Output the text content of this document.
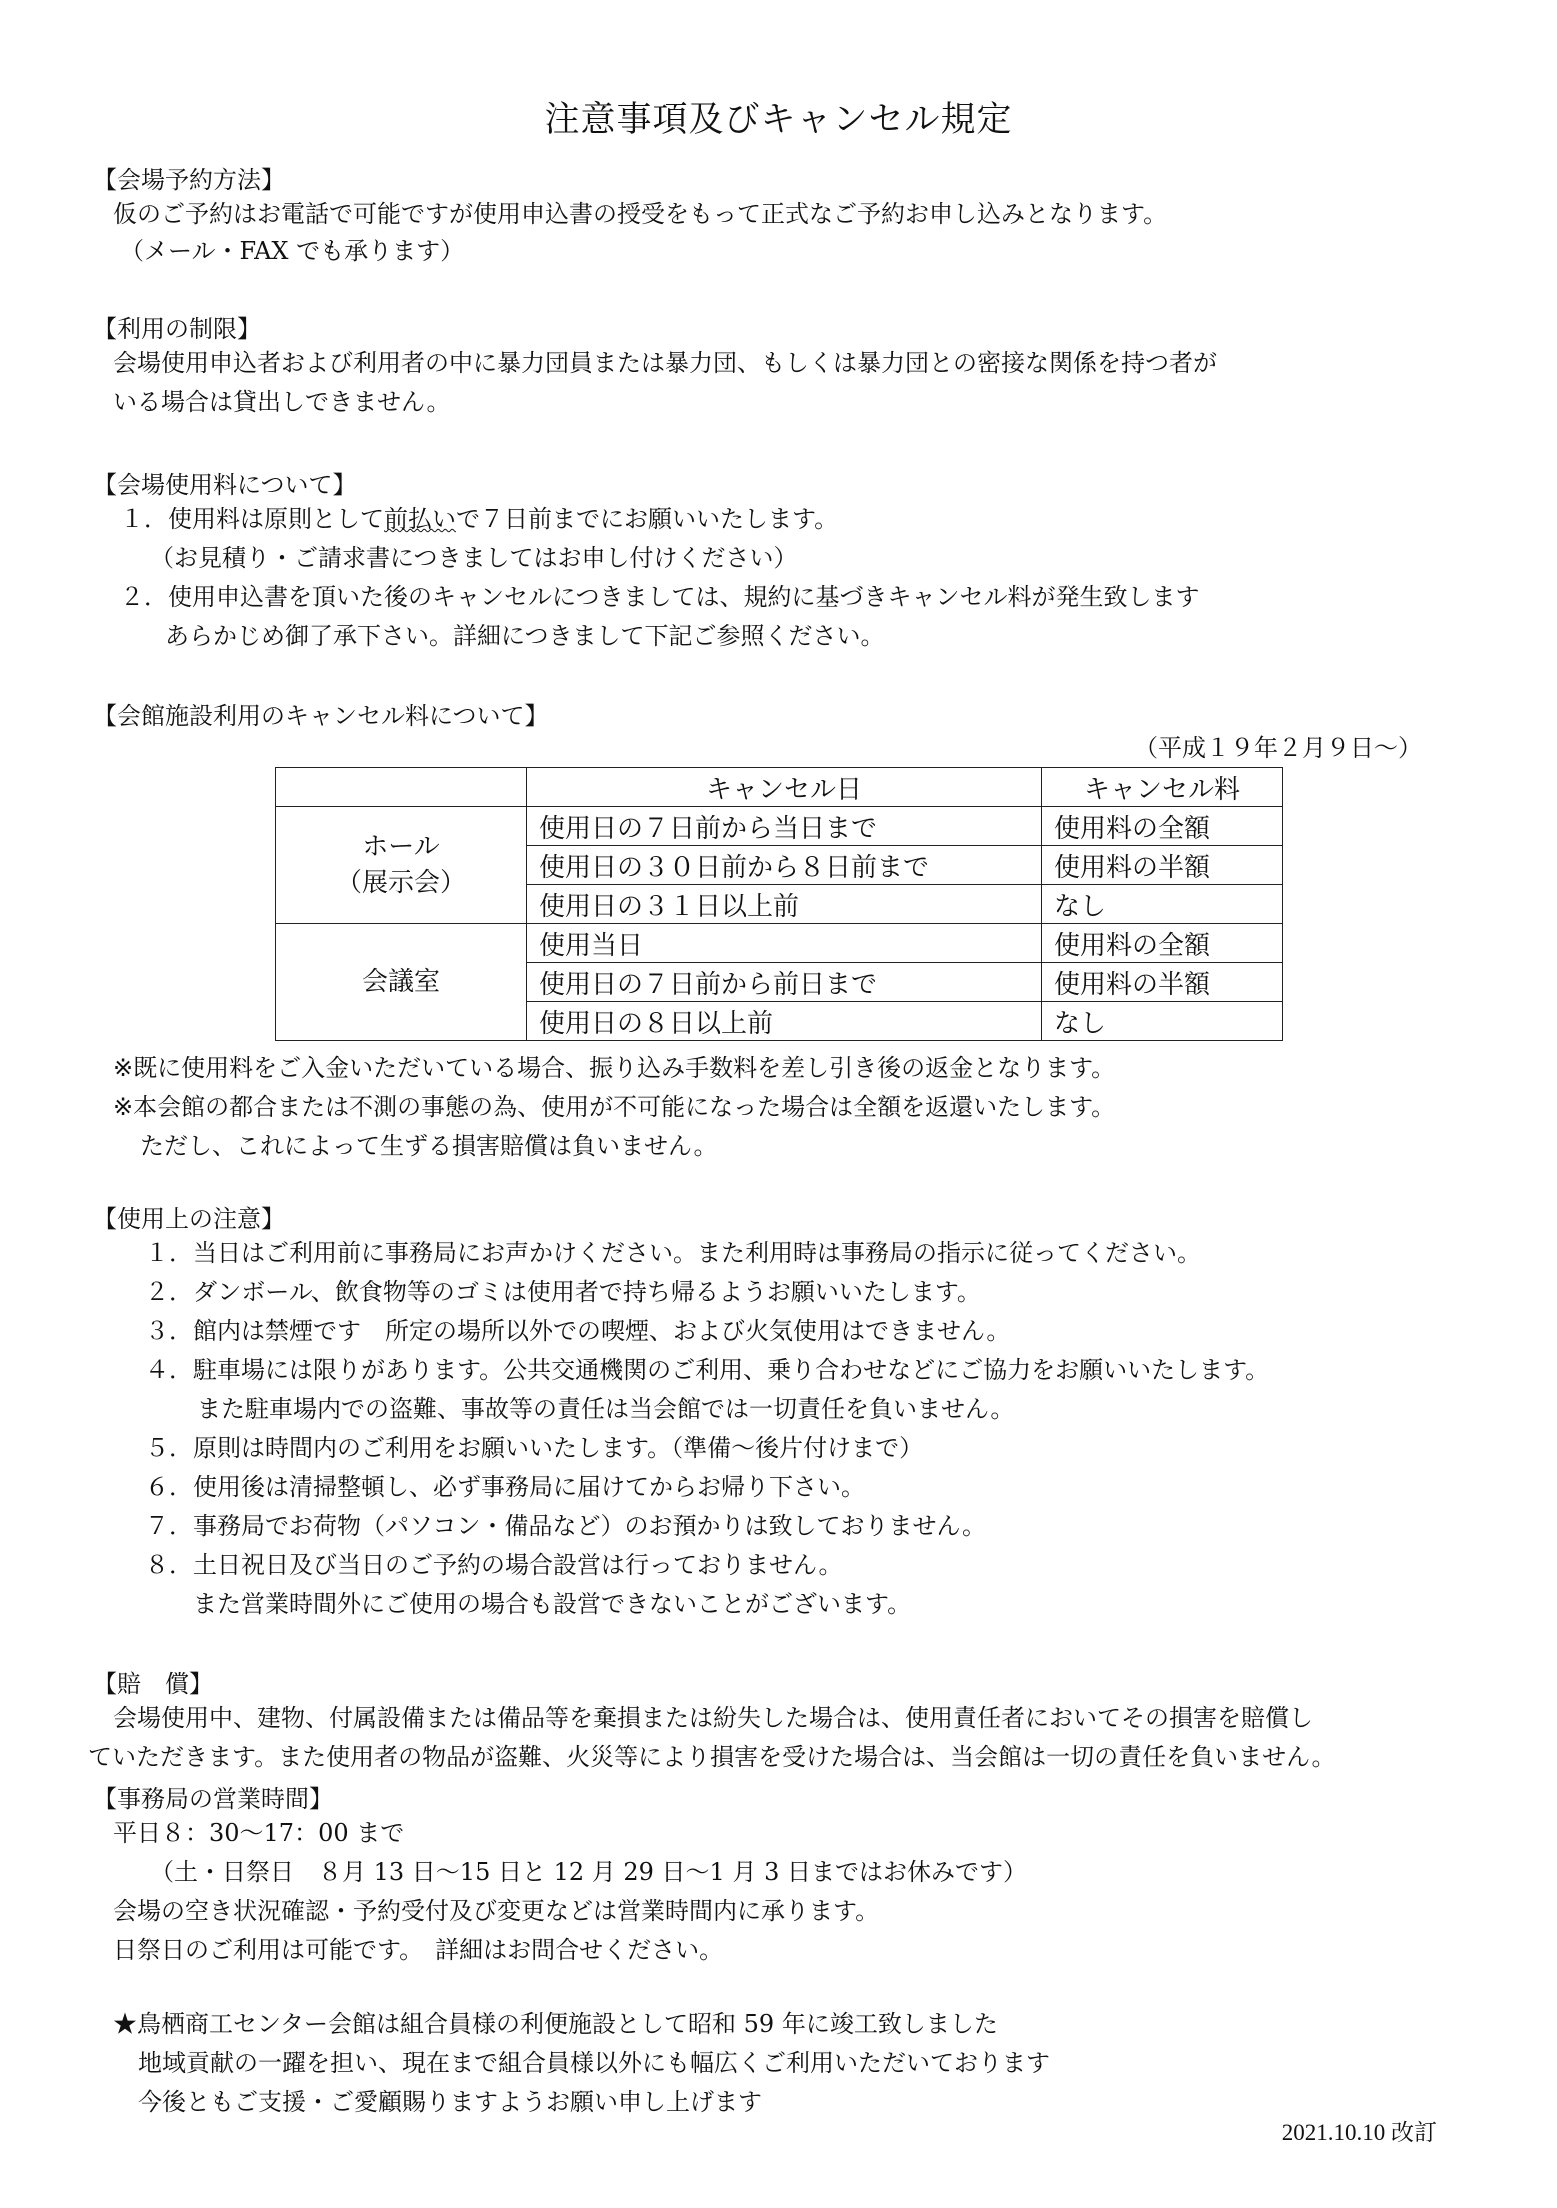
注意事項及びキャンセル規定
【会場予約方法】
仮のご予約はお電話で可能ですが使用申込書の授受をもって正式なご予約お申し込みとなります。
（メール・FAX でも承ります）
【利用の制限】
会場使用申込者および利用者の中に暴力団員または暴力団、もしくは暴力団との密接な関係を持つ者が
いる場合は貸出しできません。
【会場使用料について】
１．使用料は原則として前払いで７日前までにお願いいたします。
（お見積り・ご請求書につきましてはお申し付けください）
２．使用申込書を頂いた後のキャンセルにつきましては、規約に基づきキャンセル料が発生致します
あらかじめ御了承下さい。詳細につきまして下記ご参照ください。
【会館施設利用のキャンセル料について】
（平成１９年２月９日～）
	キャンセル日	キャンセル料

ホール
（展示会）	使用日の７日前から当日まで	使用料の全額
	使用日の３０日前から８日前まで	使用料の半額
	使用日の３１日以上前	なし

会議室	使用当日	使用料の全額
	使用日の７日前から前日まで	使用料の半額
	使用日の８日以上前	なし
※既に使用料をご入金いただいている場合、振り込み手数料を差し引き後の返金となります。
※本会館の都合または不測の事態の為、使用が不可能になった場合は全額を返還いたします。
ただし、これによって生ずる損害賠償は負いません。
【使用上の注意】
１．当日はご利用前に事務局にお声かけください。また利用時は事務局の指示に従ってください。
２．ダンボール、飲食物等のゴミは使用者で持ち帰るようお願いいたします。
３．館内は禁煙です　所定の場所以外での喫煙、および火気使用はできません。
４．駐車場には限りがあります。公共交通機関のご利用、乗り合わせなどにご協力をお願いいたします。
また駐車場内での盗難、事故等の責任は当会館では一切責任を負いません。
５．原則は時間内のご利用をお願いいたします。（準備～後片付けまで）
６．使用後は清掃整頓し、必ず事務局に届けてからお帰り下さい。
７．事務局でお荷物（パソコン・備品など）のお預かりは致しておりません。
８．土日祝日及び当日のご予約の場合設営は行っておりません。
また営業時間外にご使用の場合も設営できないことがございます。
【賠　償】
会場使用中、建物、付属設備または備品等を棄損または紛失した場合は、使用責任者においてその損害を賠償し
ていただきます。また使用者の物品が盗難、火災等により損害を受けた場合は、当会館は一切の責任を負いません。
【事務局の営業時間】
平日８：30～17：00 まで
（土・日祭日　８月 13 日～15 日と 12 月 29 日～1 月 3 日まではお休みです）
会場の空き状況確認・予約受付及び変更などは営業時間内に承ります。
日祭日のご利用は可能です。　詳細はお問合せください。
★鳥栖商工センター会館は組合員様の利便施設として昭和 59 年に竣工致しました
地域貢献の一躍を担い、現在まで組合員様以外にも幅広くご利用いただいております
今後ともご支援・ご愛顧賜りますようお願い申し上げます
2021.10.10 改訂
